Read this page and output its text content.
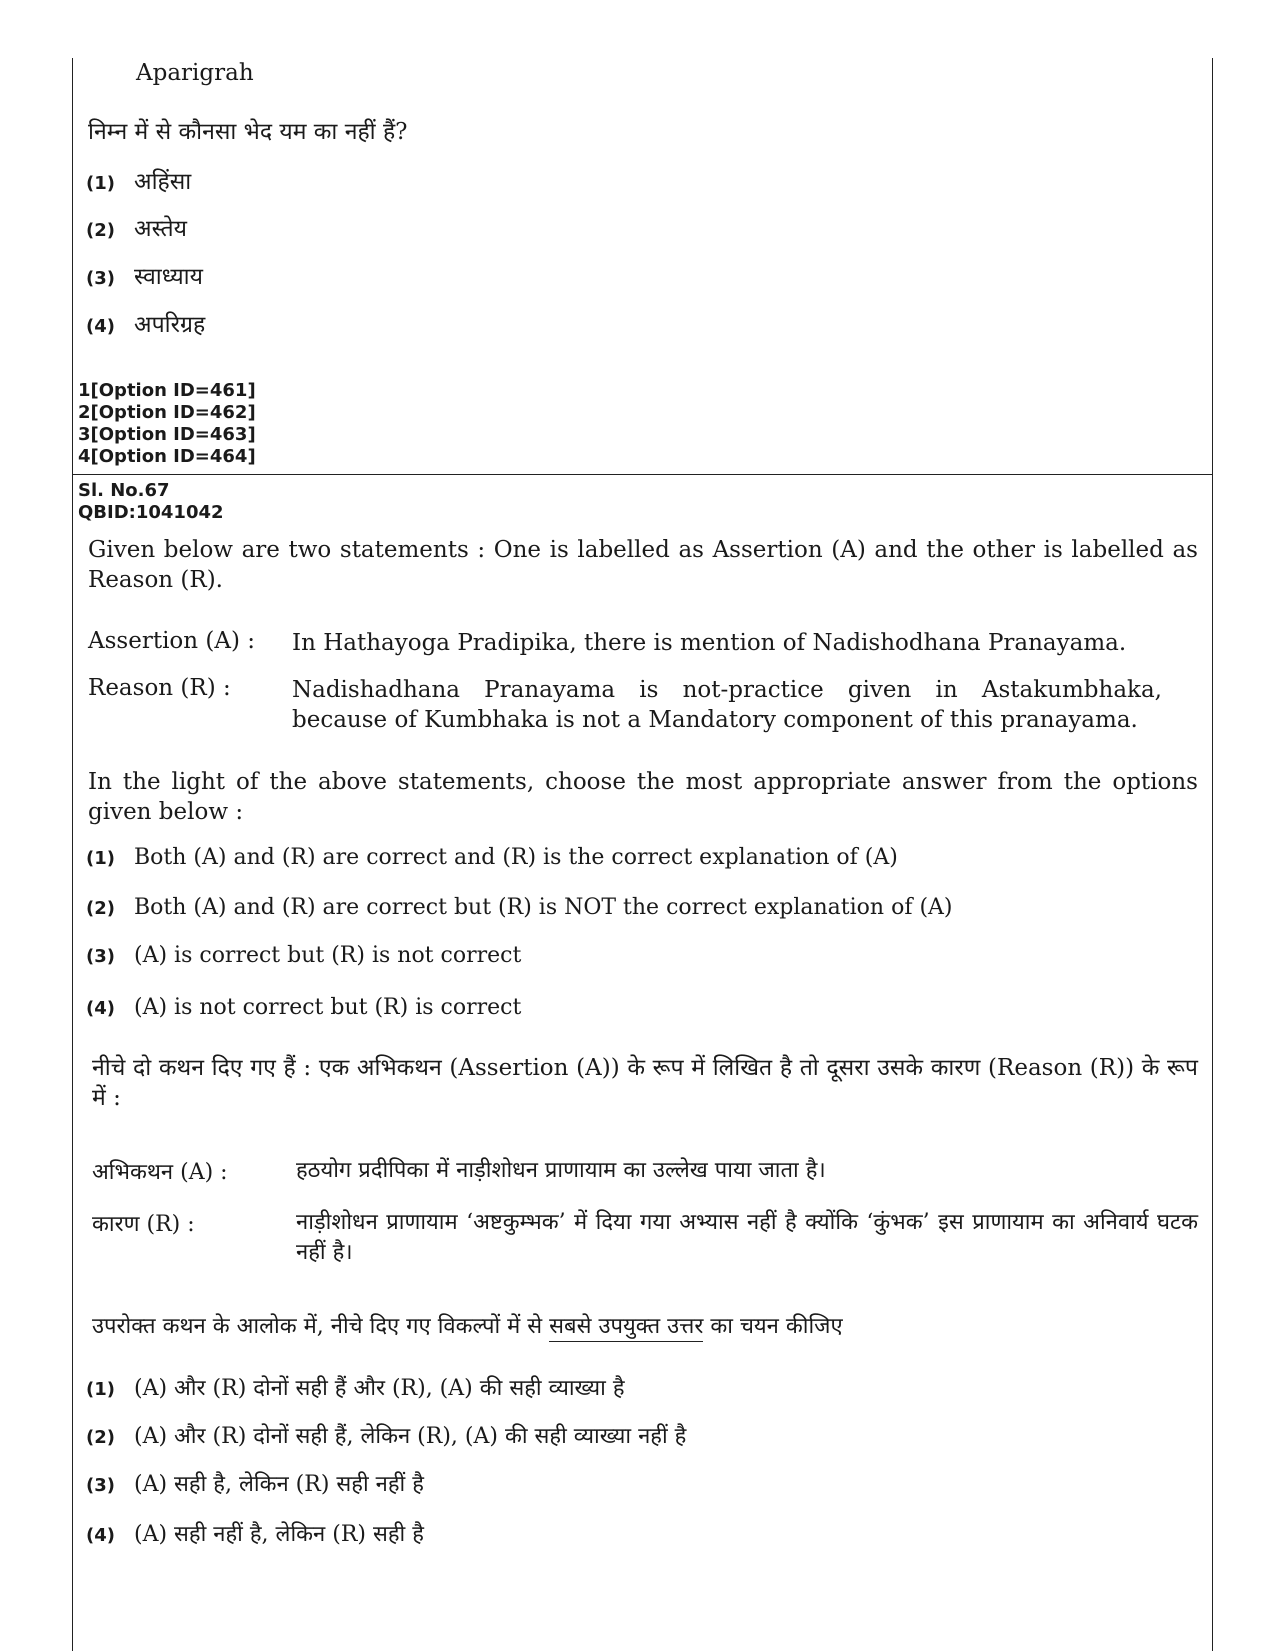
Aparigrah
निम्न में से कौनसा भेद यम का नहीं हैं?
(1) अहिंसा
(2) अस्तेय
(3) स्वाध्याय
(4) अपरिग्रह
1[Option ID=461]
2[Option ID=462]
3[Option ID=463]
4[Option ID=464]
Sl. No.67
QBID:1041042
Given below are two statements : One is labelled as Assertion (A) and the other is labelled as Reason (R).
Assertion (A) : In Hathayoga Pradipika, there is mention of Nadishodhana Pranayama.
Reason (R) :	Nadishadhana Pranayama is not-practice given in Astakumbhaka, because of Kumbhaka is not a Mandatory component of this pranayama.
In the light of the above statements, choose the most appropriate answer from the options given below :
(1) Both (A) and (R) are correct and (R) is the correct explanation of (A)
(2) Both (A) and (R) are correct but (R) is NOT the correct explanation of (A)
(3) (A) is correct but (R) is not correct
(4) (A) is not correct but (R) is correct
नीचे दो कथन दिए गए हैं : एक अभिकथन (Assertion (A)) के रूप में लिखित है तो दूसरा उसके कारण (Reason (R)) के रूप में :
अभिकथन (A) :	हठयोग प्रदीपिका में नाड़ीशोधन प्राणायाम का उल्लेख पाया जाता है।
कारण (R) :	नाड़ीशोधन प्राणायाम ‘अष्टकुम्भक’ में दिया गया अभ्यास नहीं है क्योंकि ‘कुंभक’ इस प्राणायाम का अनिवार्य घटक नहीं है।
उपरोक्त कथन के आलोक में, नीचे दिए गए विकल्पों में से सबसे उपयुक्त उत्तर का चयन कीजिए
(1) (A) और (R) दोनों सही हैं और (R), (A) की सही व्याख्या है
(2) (A) और (R) दोनों सही हैं, लेकिन (R), (A) की सही व्याख्या नहीं है
(3) (A) सही है, लेकिन (R) सही नहीं है
(4) (A) सही नहीं है, लेकिन (R) सही है
